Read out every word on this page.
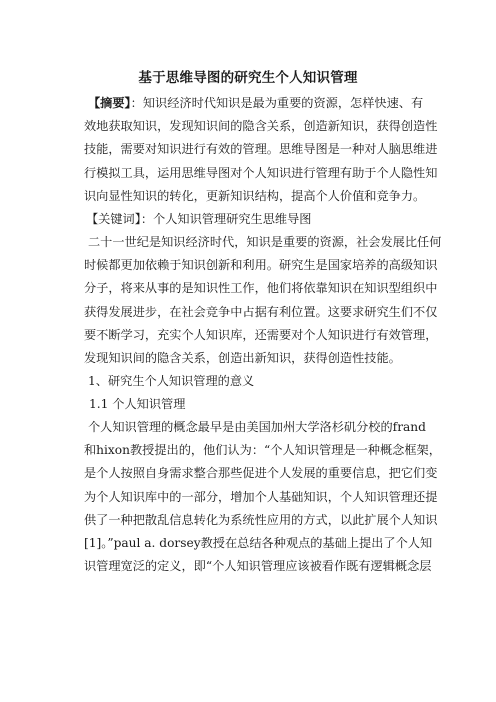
基于思维导图的研究生个人知识管理
【摘要】：知识经济时代知识是最为重要的资源，怎样快速、有
效地获取知识，发现知识间的隐含关系，创造新知识，获得创造性
技能，需要对知识进行有效的管理。思维导图是一种对人脑思维进
行模拟工具，运用思维导图对个人知识进行管理有助于个人隐性知
识向显性知识的转化，更新知识结构，提高个人价值和竞争力。
【关键词】：个人知识管理研究生思维导图
二十一世纪是知识经济时代，知识是重要的资源，社会发展比任何
时候都更加依赖于知识创新和利用。研究生是国家培养的高级知识
分子，将来从事的是知识性工作，他们将依靠知识在知识型组织中
获得发展进步，在社会竞争中占据有利位置。这要求研究生们不仅
要不断学习，充实个人知识库，还需要对个人知识进行有效管理，
发现知识间的隐含关系，创造出新知识，获得创造性技能。
1、研究生个人知识管理的意义
1.1 个人知识管理
个人知识管理的概念最早是由美国加州大学洛杉矶分校的frand
和hixon教授提出的，他们认为：“个人知识管理是一种概念框架，
是个人按照自身需求整合那些促进个人发展的重要信息，把它们变
为个人知识库中的一部分，增加个人基础知识，个人知识管理还提
供了一种把散乱信息转化为系统性应用的方式，以此扩展个人知识
[1]。”paul a. dorsey教授在总结各种观点的基础上提出了个人知
识管理宽泛的定义，即“个人知识管理应该被看作既有逻辑概念层
